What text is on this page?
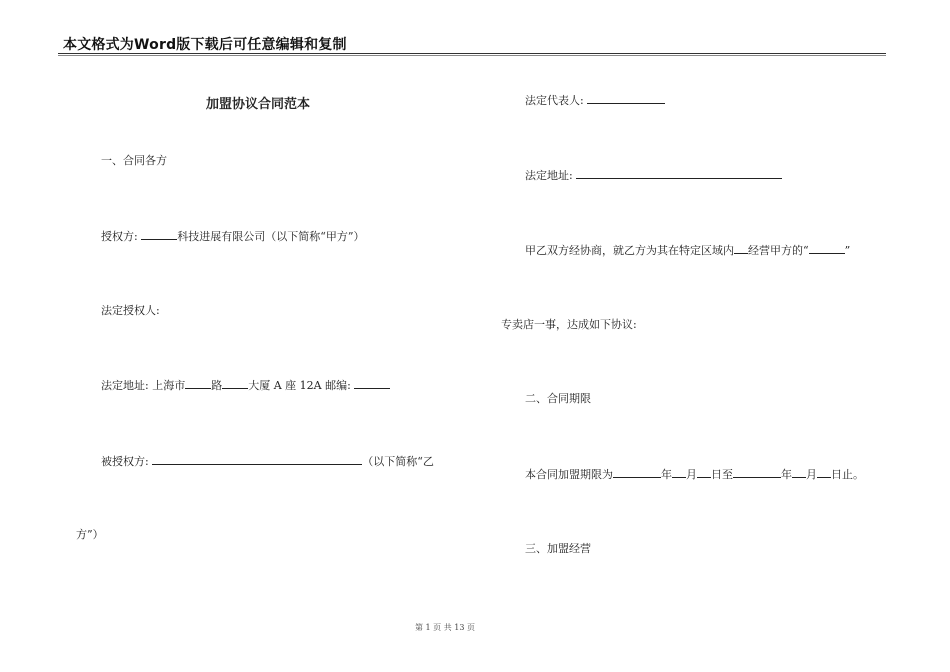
本文格式为Word版下载后可任意编辑和复制
加盟协议合同范本
一、合同各方
授权方:	科技进展有限公司（以下简称“甲方”）
法定授权人:
法定地址: 上海市 路 大厦 A 座 12A 邮编:
被授权方:	（以下简称“乙
方”）
法定代表人:
法定地址:
甲乙双方经协商，就乙方为其在特定区域内 经营甲方的“	”
专卖店一事，达成如下协议:
二、合同期限
本合同加盟期限为	年 月 日至	年 月 日止。
三、加盟经营
第 1 页 共 13 页
